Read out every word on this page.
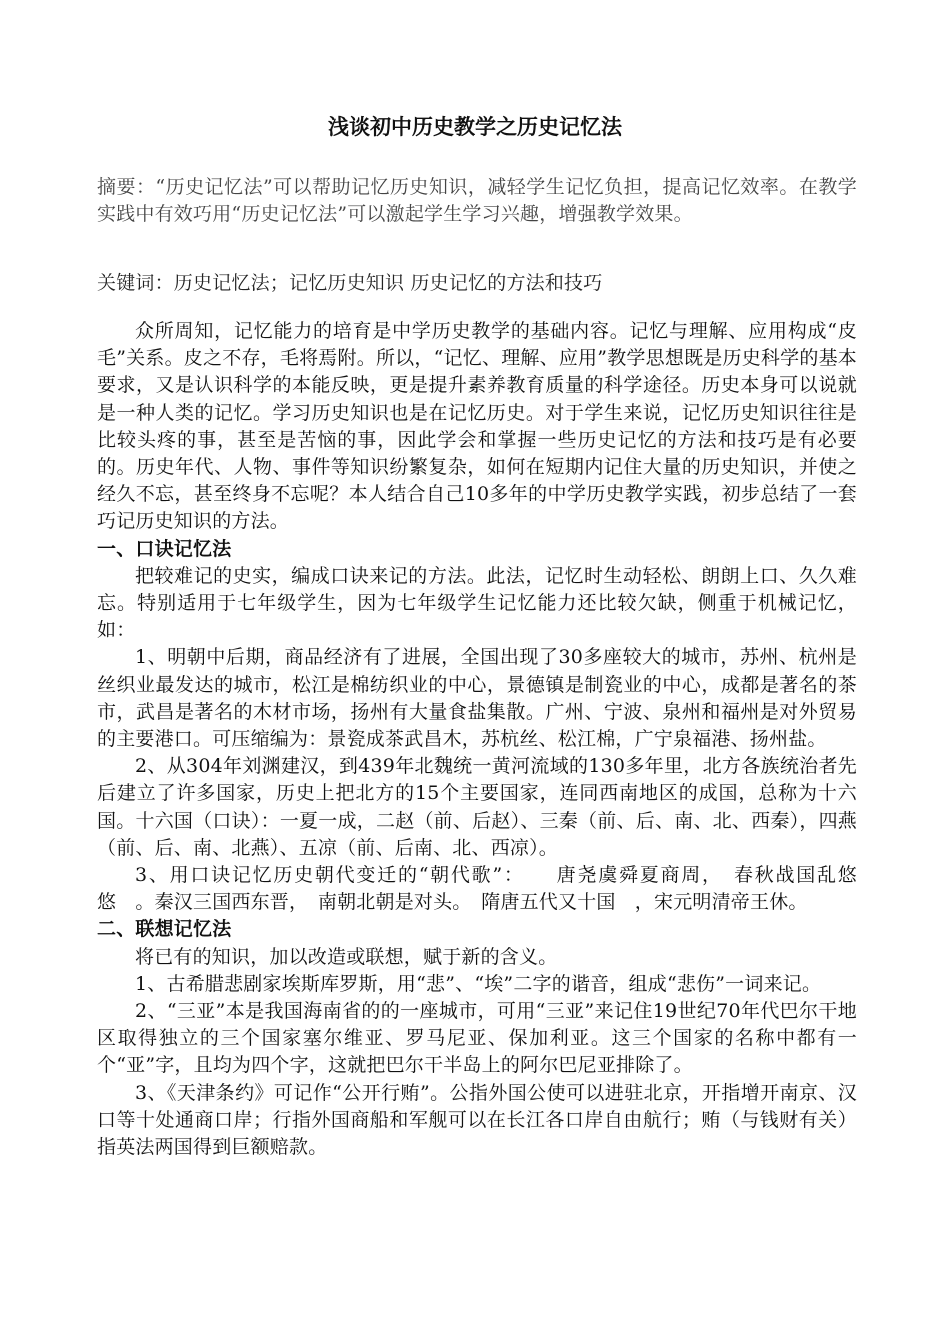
浅谈初中历史教学之历史记忆法

摘要：“历史记忆法”可以帮助记忆历史知识，减轻学生记忆负担，提高记忆效率。在教学实践中有效巧用“历史记忆法”可以激起学生学习兴趣，增强教学效果。

关键词：历史记忆法；记忆历史知识 历史记忆的方法和技巧

众所周知，记忆能力的培育是中学历史教学的基础内容。记忆与理解、应用构成“皮毛”关系。皮之不存，毛将焉附。所以，“记忆、理解、应用”教学思想既是历史科学的基本要求，又是认识科学的本能反映，更是提升素养教育质量的科学途径。历史本身可以说就是一种人类的记忆。学习历史知识也是在记忆历史。对于学生来说，记忆历史知识往往是比较头疼的事，甚至是苦恼的事，因此学会和掌握一些历史记忆的方法和技巧是有必要的。历史年代、人物、事件等知识纷繁复杂，如何在短期内记住大量的历史知识，并使之经久不忘，甚至终身不忘呢？本人结合自己10多年的中学历史教学实践，初步总结了一套巧记历史知识的方法。

一、口诀记忆法

把较难记的史实，编成口诀来记的方法。此法，记忆时生动轻松、朗朗上口、久久难忘。特别适用于七年级学生，因为七年级学生记忆能力还比较欠缺，侧重于机械记忆，如：

1、明朝中后期，商品经济有了进展，全国出现了30多座较大的城市，苏州、杭州是丝织业最发达的城市，松江是棉纺织业的中心，景德镇是制瓷业的中心，成都是著名的茶市，武昌是著名的木材市场，扬州有大量食盐集散。广州、宁波、泉州和福州是对外贸易的主要港口。可压缩编为：景瓷成茶武昌木，苏杭丝、松江棉，广宁泉福港、扬州盐。

2、从304年刘渊建汉，到439年北魏统一黄河流域的130多年里，北方各族统治者先后建立了许多国家，历史上把北方的15个主要国家，连同西南地区的成国，总称为十六国。十六国（口诀）：一夏一成，二赵（前、后赵）、三秦（前、后、南、北、西秦），四燕（前、后、南、北燕）、五凉（前、后南、北、西凉）。

3、用口诀记忆历史朝代变迁的“朝代歌”：　　唐尧虞舜夏商周，　春秋战国乱悠悠　。秦汉三国西东晋，　南朝北朝是对头。　隋唐五代又十国　，宋元明清帝王休。

二、联想记忆法

将已有的知识，加以改造或联想，赋于新的含义。

1、古希腊悲剧家埃斯库罗斯，用“悲”、“埃”二字的谐音，组成“悲伤”一词来记。

2、“三亚”本是我国海南省的的一座城市，可用“三亚”来记住19世纪70年代巴尔干地区取得独立的三个国家塞尔维亚、罗马尼亚、保加利亚。这三个国家的名称中都有一个“亚”字，且均为四个字，这就把巴尔干半岛上的阿尔巴尼亚排除了。

3、《天津条约》可记作“公开行贿”。公指外国公使可以进驻北京，开指增开南京、汉口等十处通商口岸；行指外国商船和军舰可以在长江各口岸自由航行；贿（与钱财有关）指英法两国得到巨额赔款。
